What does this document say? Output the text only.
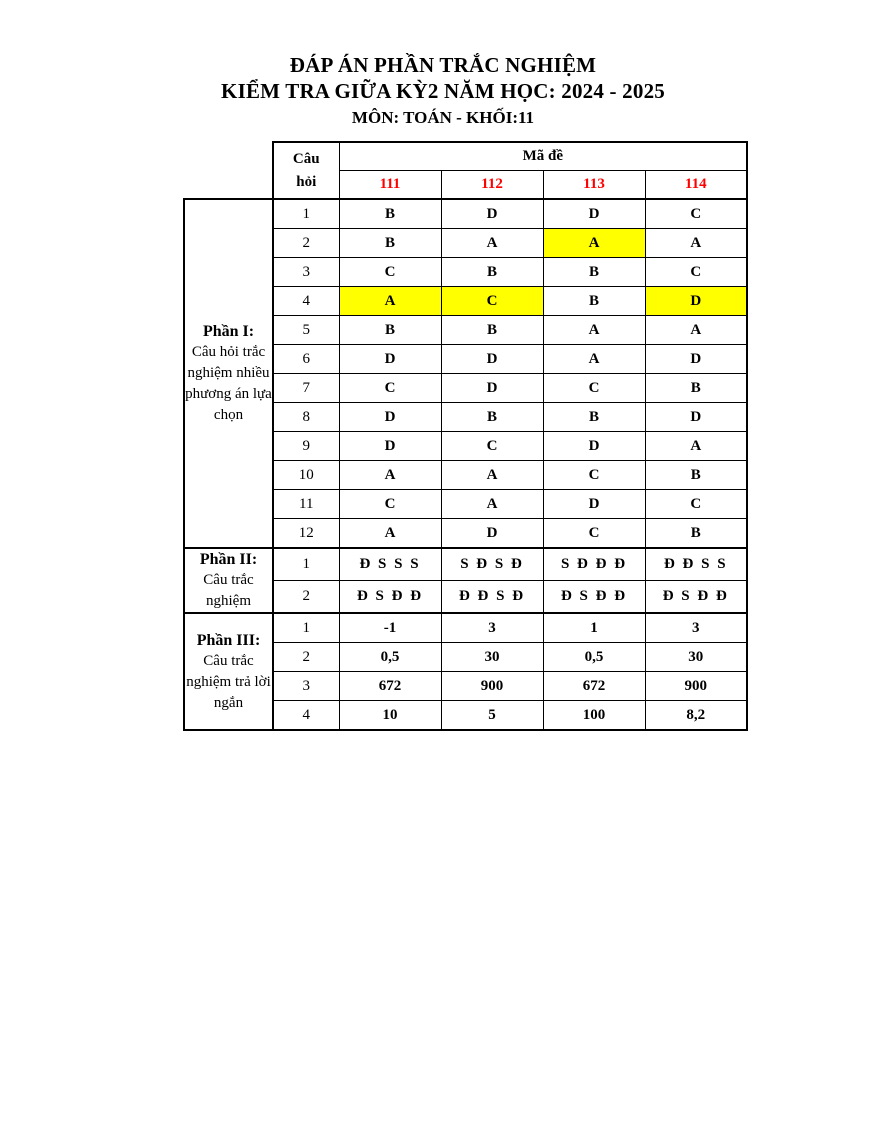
ĐÁP ÁN PHẦN TRẮC NGHIỆM
KIỂM TRA GIỮA KỲ2 NĂM HỌC: 2024 - 2025
MÔN: TOÁN - KHỐI:11

	Câu
hỏi	Mã đề			
		111	112	113	114

Phần I:
Câu hỏi trắc nghiệm nhiều phương án lựa chọn	1	B	D	D	C
	2	B	A	A	A
	3	C	B	B	C
	4	A	C	B	D
	5	B	B	A	A
	6	D	D	A	D
	7	C	D	C	B
	8	D	B	B	D
	9	D	C	D	A
	10	A	A	C	B
	11	C	A	D	C
	12	A	D	C	B

Phần II:
Câu trắc nghiệm	1	Đ S S S	S Đ S Đ	S Đ Đ Đ	Đ Đ S S
	2	Đ S Đ Đ	Đ Đ S Đ	Đ S Đ Đ	Đ S Đ Đ

Phần III:
Câu trắc nghiệm trả lời ngắn	1	-1	3	1	3
	2	0,5	30	0,5	30
	3	672	900	672	900
	4	10	5	100	8,2
